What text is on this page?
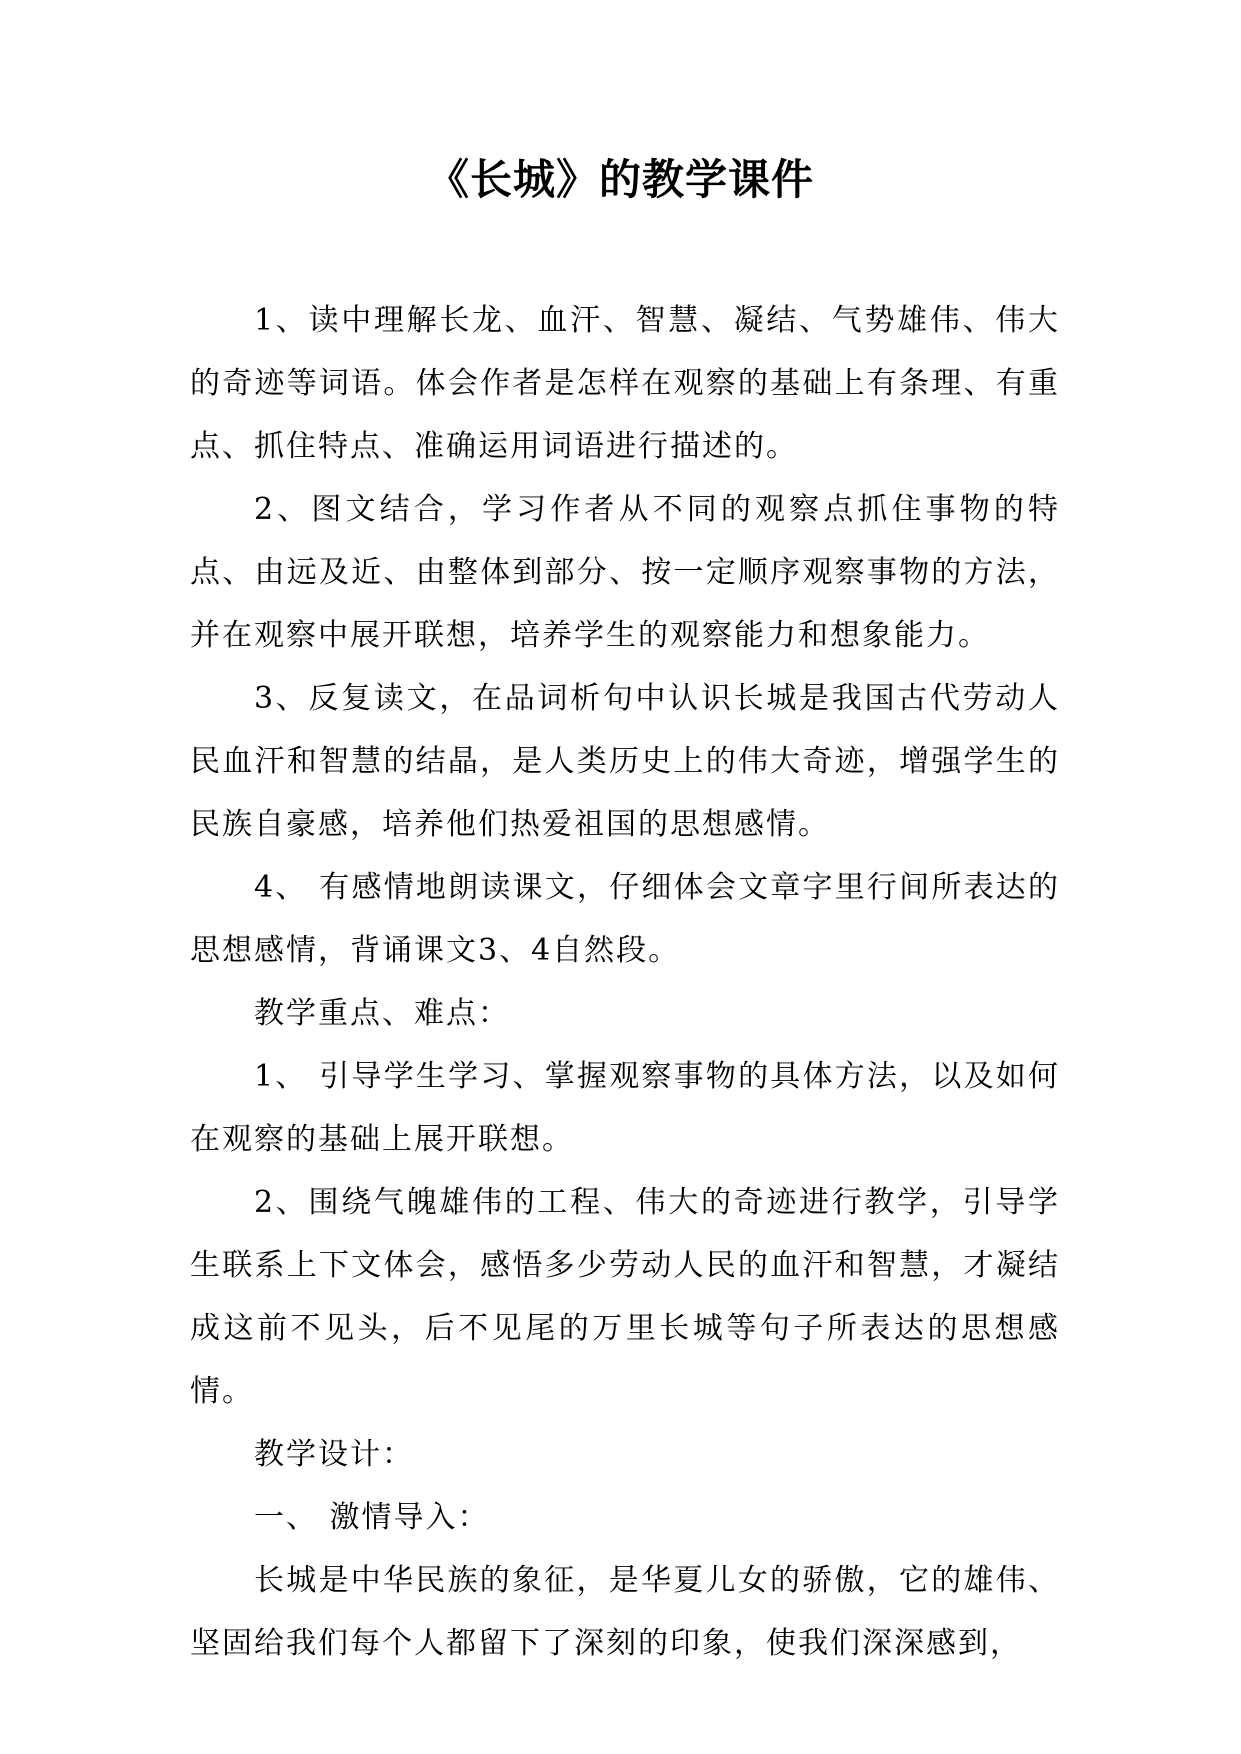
《长城》的教学课件

1、读中理解长龙、血汗、智慧、凝结、气势雄伟、伟大的奇迹等词语。体会作者是怎样在观察的基础上有条理、有重点、抓住特点、准确运用词语进行描述的。

2、图文结合，学习作者从不同的观察点抓住事物的特点、由远及近、由整体到部分、按一定顺序观察事物的方法，并在观察中展开联想，培养学生的观察能力和想象能力。

3、反复读文，在品词析句中认识长城是我国古代劳动人民血汗和智慧的结晶，是人类历史上的伟大奇迹，增强学生的民族自豪感，培养他们热爱祖国的思想感情。

4、 有感情地朗读课文，仔细体会文章字里行间所表达的思想感情，背诵课文3、4自然段。

教学重点、难点：

1、 引导学生学习、掌握观察事物的具体方法，以及如何在观察的基础上展开联想。

2、围绕气魄雄伟的工程、伟大的奇迹进行教学，引导学生联系上下文体会，感悟多少劳动人民的血汗和智慧，才凝结成这前不见头，后不见尾的万里长城等句子所表达的思想感情。

教学设计：

一、 激情导入：

长城是中华民族的象征，是华夏儿女的骄傲，它的雄伟、坚固给我们每个人都留下了深刻的印象，使我们深深感到，
